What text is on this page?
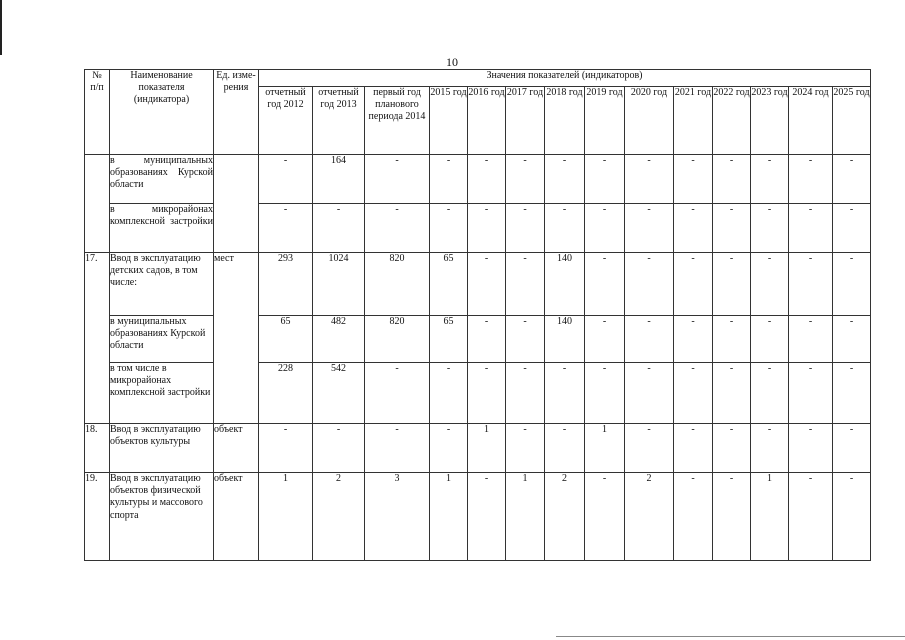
10
№
п/п	Наименование показателя (индикатора)	Ед. изме-рения	Значения показателей (индикаторов)													
			отчетный год 2012	отчетный год 2013	первый год планового периода 2014	2015 год	2016 год	2017 год	2018 год	2019 год	2020 год	2021 год	2022 год	2023 год	2024 год	2025 год
	в муниципальных образованиях Курской области		-	164	-	-	-	-	-	-	-	-	-	-	-	-
	в микрорайонах комплексной застройки		-	-	-	-	-	-	-	-	-	-	-	-	-	-
17.	Ввод в эксплуатацию детских садов, в том числе:	мест	293	1024	820	65	-	-	140	-	-	-	-	-	-	-
	в муниципальных образованиях Курской области		65	482	820	65	-	-	140	-	-	-	-	-	-	-
	в том числе в микрорайонах комплексной застройки		228	542	-	-	-	-	-	-	-	-	-	-	-	-
18.	Ввод в эксплуатацию объектов культуры	объект	-	-	-	-	1	-	-	1	-	-	-	-	-	-
19.	Ввод в эксплуатацию объектов физической культуры и массового спорта	объект	1	2	3	1	-	1	2	-	2	-	-	1	-	-
